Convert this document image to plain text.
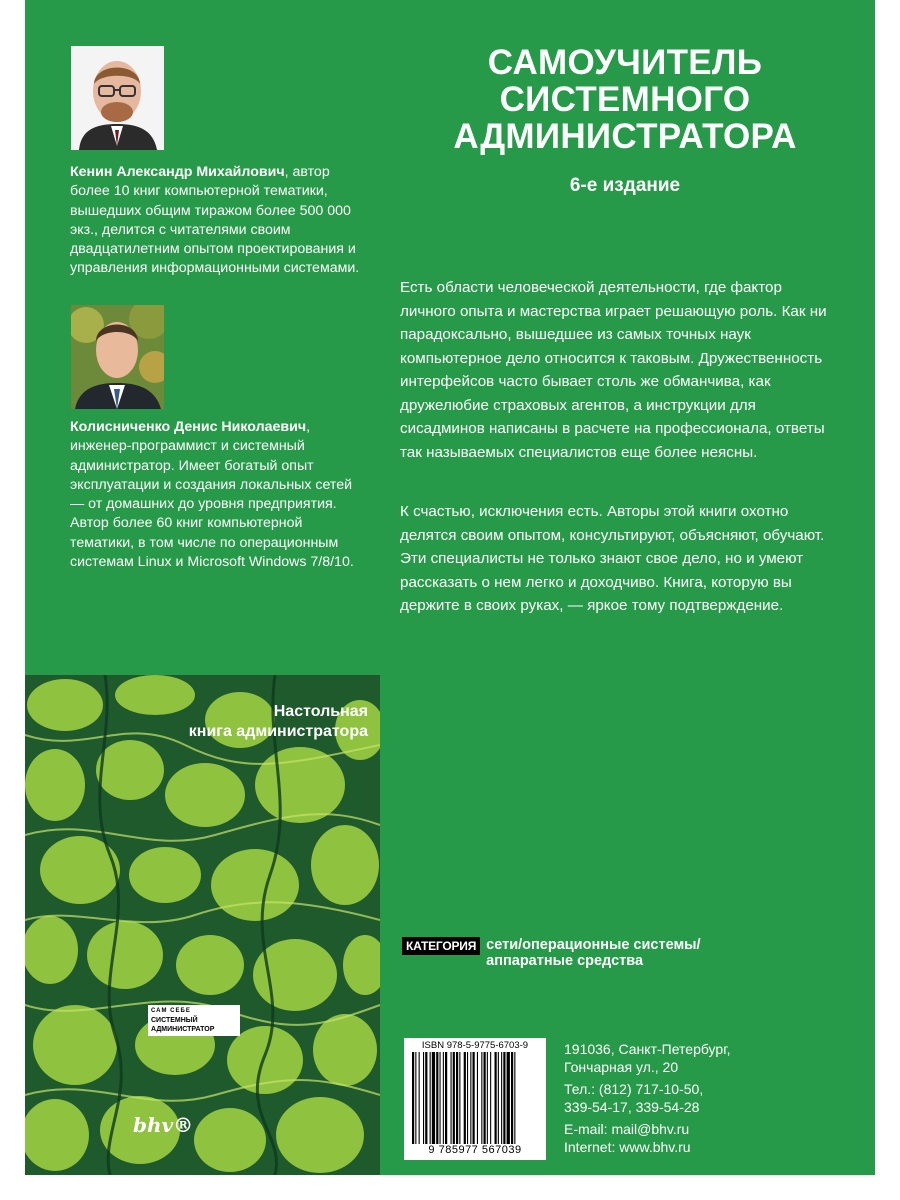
Кенин Александр Михайлович, автор более 10 книг компьютерной тематики, вышедших общим тиражом более 500 000 экз., делится с читателями своим двадцатилетним опытом проектирования и управления информационными системами.
Колисниченко Денис Николаевич, инженер-программист и системный администратор. Имеет богатый опыт эксплуатации и создания локальных сетей — от домашних до уровня предприятия. Автор более 60 книг компьютерной тематики, в том числе по операционным системам Linux и Microsoft Windows 7/8/10.
САМОУЧИТЕЛЬ
СИСТЕМНОГО
АДМИНИСТРАТОРА
6-е издание
Есть области человеческой деятельности, где фактор личного опыта и мастерства играет решающую роль. Как ни парадоксально, вышедшее из самых точных наук компьютерное дело относится к таковым. Дружественность интерфейсов часто бывает столь же обманчива, как дружелюбие страховых агентов, а инструкции для сисадминов написаны в расчете на профессионала, ответы так называемых специалистов еще более неясны.
К счастью, исключения есть. Авторы этой книги охотно делятся своим опытом, консультируют, объясняют, обучают. Эти специалисты не только знают свое дело, но и умеют рассказать о нем легко и доходчиво. Книга, которую вы держите в своих руках, — яркое тому подтверждение.
Настольная
книга администратора
САМ СЕБЕ
СИСТЕМНЫЙ
АДМИНИСТРАТОР
bhv®
КАТЕГОРИЯ сети/операционные системы/
аппаратные средства
ISBN 978-5-9775-6703-9
9 785977 567039
191036, Санкт-Петербург,
Гончарная ул., 20
Тел.: (812) 717-10-50,
339-54-17, 339-54-28
E-mail: mail@bhv.ru
Internet: www.bhv.ru
